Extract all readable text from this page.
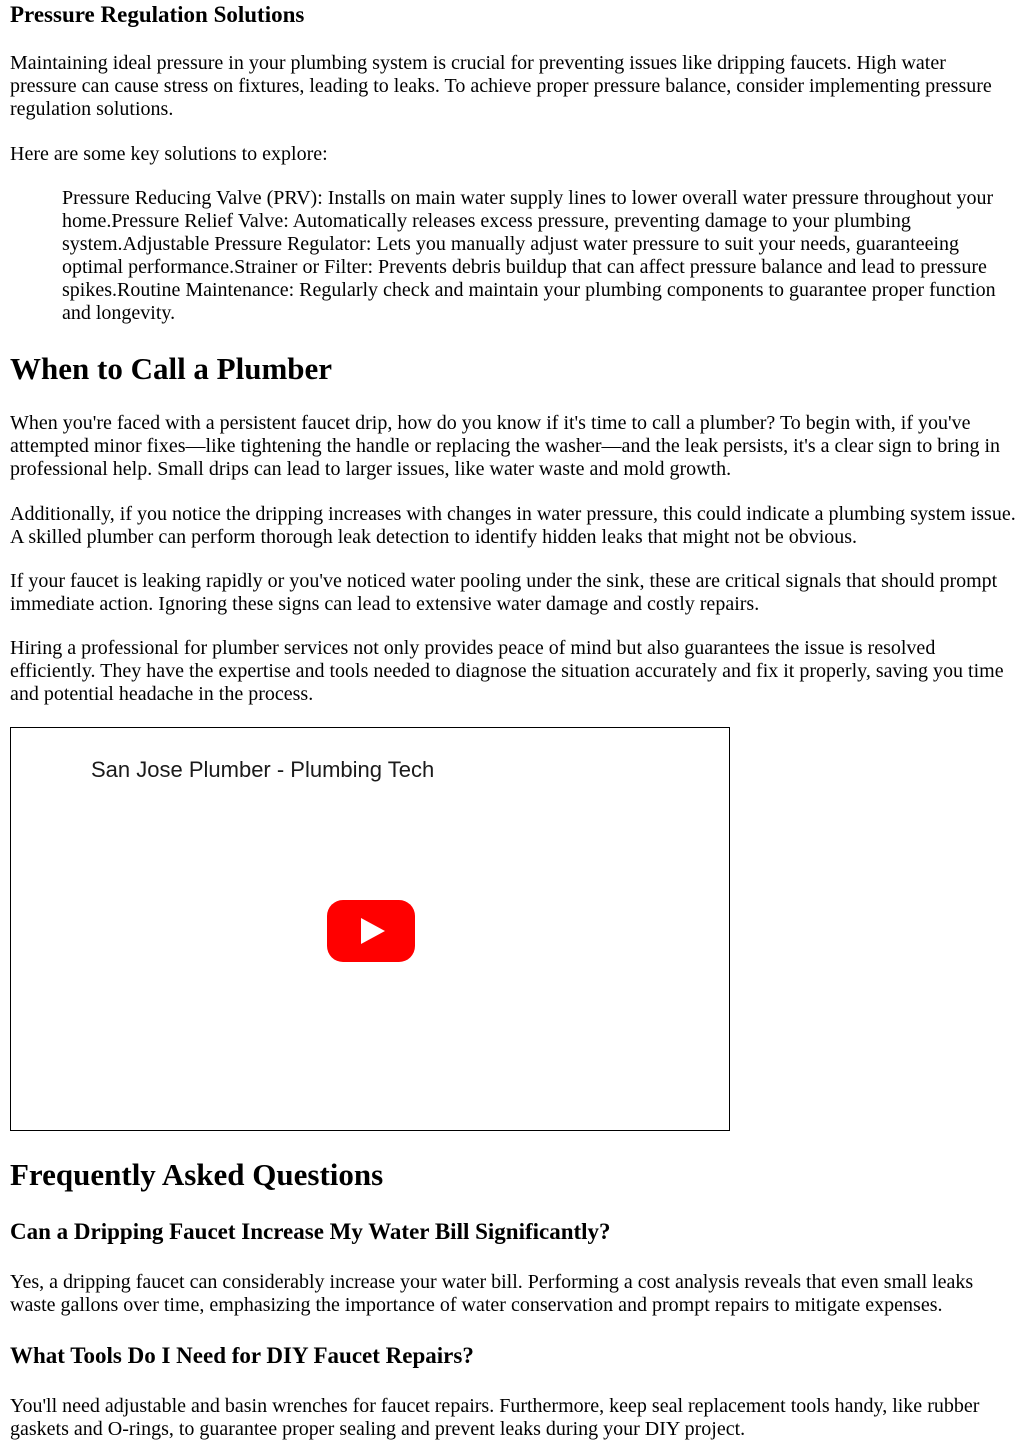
Pressure Regulation Solutions

Maintaining ideal pressure in your plumbing system is crucial for preventing issues like dripping faucets. High water pressure can cause stress on fixtures, leading to leaks. To achieve proper pressure balance, consider implementing pressure regulation solutions.

Here are some key solutions to explore:

Pressure Reducing Valve (PRV): Installs on main water supply lines to lower overall water pressure throughout your home.Pressure Relief Valve: Automatically releases excess pressure, preventing damage to your plumbing system.Adjustable Pressure Regulator: Lets you manually adjust water pressure to suit your needs, guaranteeing optimal performance.Strainer or Filter: Prevents debris buildup that can affect pressure balance and lead to pressure spikes.Routine Maintenance: Regularly check and maintain your plumbing components to guarantee proper function and longevity.

When to Call a Plumber

When you're faced with a persistent faucet drip, how do you know if it's time to call a plumber? To begin with, if you've attempted minor fixes—like tightening the handle or replacing the washer—and the leak persists, it's a clear sign to bring in professional help. Small drips can lead to larger issues, like water waste and mold growth.

Additionally, if you notice the dripping increases with changes in water pressure, this could indicate a plumbing system issue. A skilled plumber can perform thorough leak detection to identify hidden leaks that might not be obvious.

If your faucet is leaking rapidly or you've noticed water pooling under the sink, these are critical signals that should prompt immediate action. Ignoring these signs can lead to extensive water damage and costly repairs.

Hiring a professional for plumber services not only provides peace of mind but also guarantees the issue is resolved efficiently. They have the expertise and tools needed to diagnose the situation accurately and fix it properly, saving you time and potential headache in the process.

San Jose Plumber - Plumbing Tech
Frequently Asked Questions
Can a Dripping Faucet Increase My Water Bill Significantly?

Yes, a dripping faucet can considerably increase your water bill. Performing a cost analysis reveals that even small leaks waste gallons over time, emphasizing the importance of water conservation and prompt repairs to mitigate expenses.

What Tools Do I Need for DIY Faucet Repairs?

You'll need adjustable and basin wrenches for faucet repairs. Furthermore, keep seal replacement tools handy, like rubber gaskets and O-rings, to guarantee proper sealing and prevent leaks during your DIY project.
